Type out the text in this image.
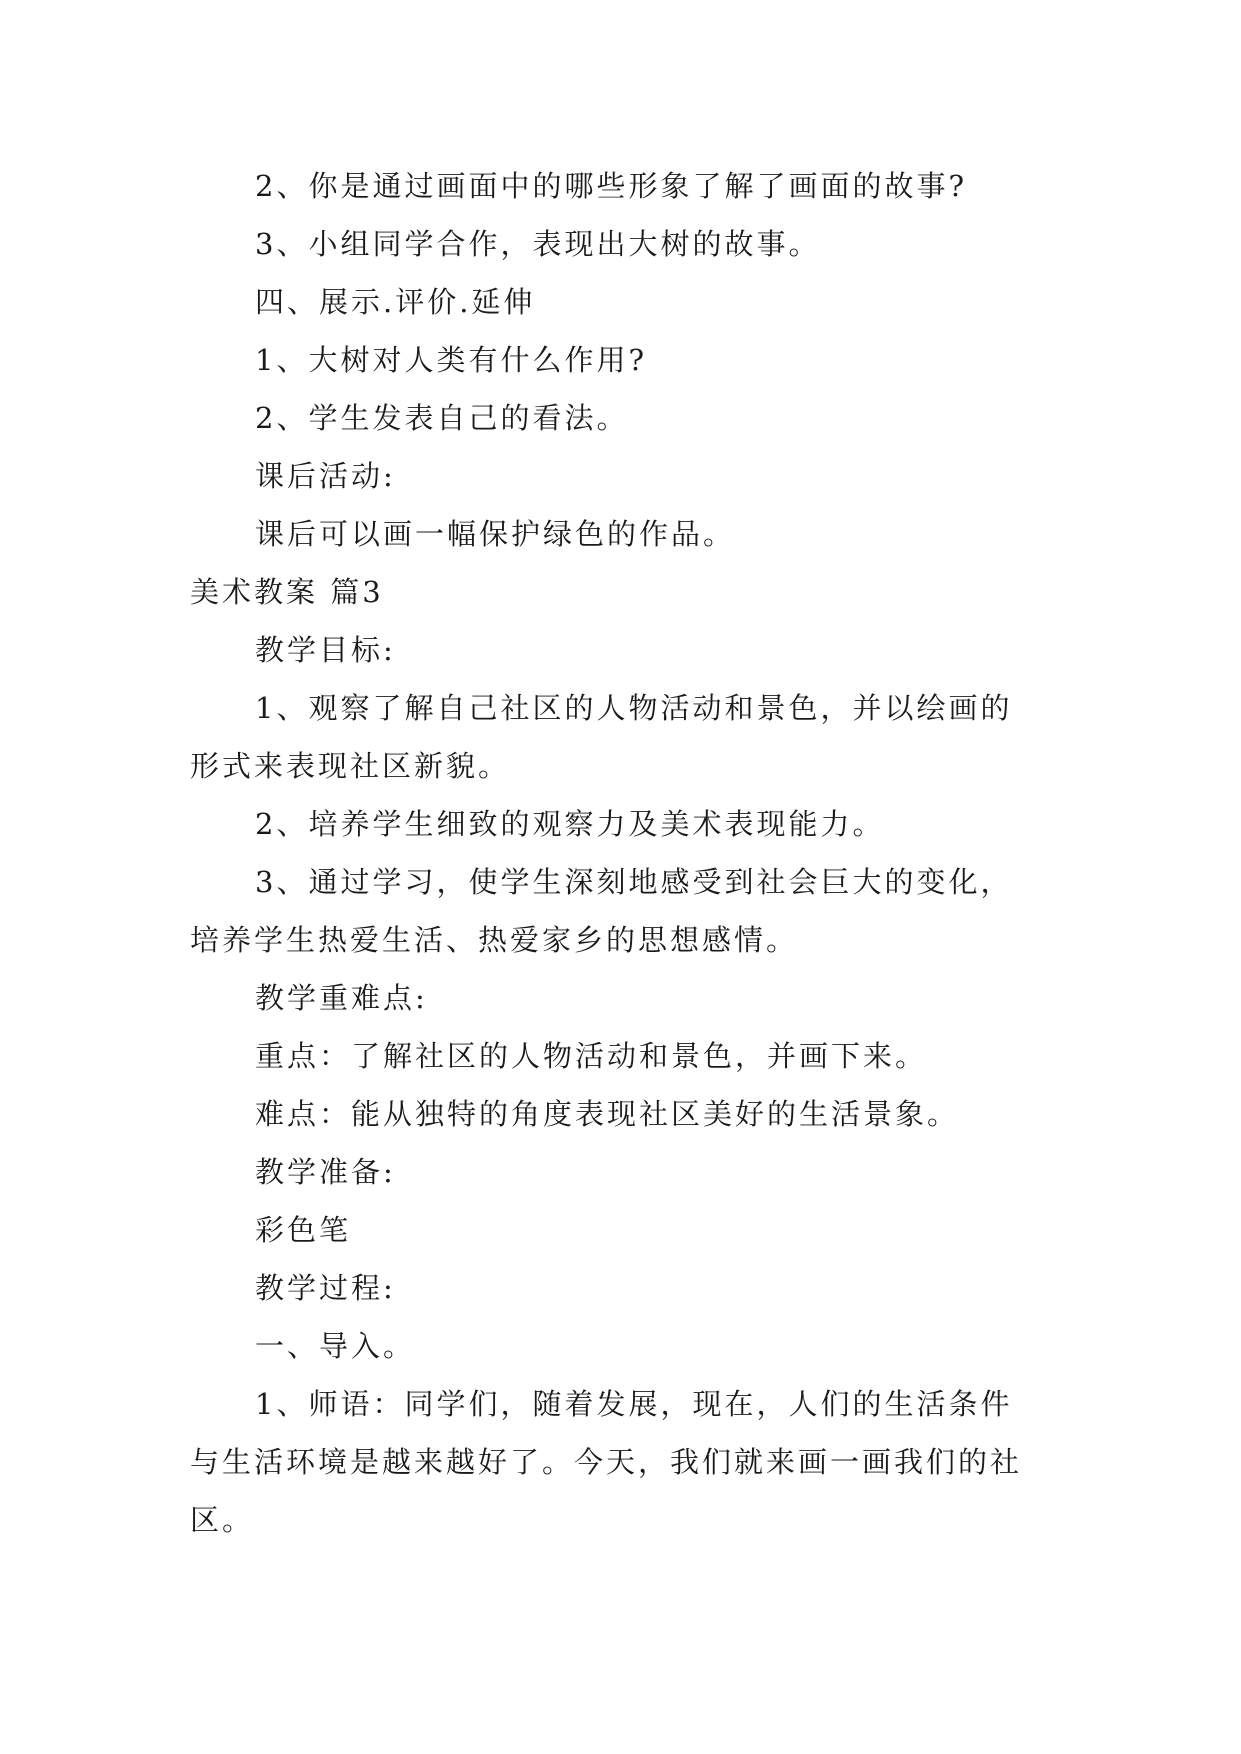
2、你是通过画面中的哪些形象了解了画面的故事?
3、小组同学合作，表现出大树的故事。
四、展示.评价.延伸
1、大树对人类有什么作用?
2、学生发表自己的看法。
课后活动:
课后可以画一幅保护绿色的作品。
美术教案 篇3
教学目标:
1、观察了解自己社区的人物活动和景色，并以绘画的
形式来表现社区新貌。
2、培养学生细致的观察力及美术表现能力。
3、通过学习，使学生深刻地感受到社会巨大的变化，
培养学生热爱生活、热爱家乡的思想感情。
教学重难点:
重点：了解社区的人物活动和景色，并画下来。
难点：能从独特的角度表现社区美好的生活景象。
教学准备:
彩色笔
教学过程:
一、导入。
1、师语：同学们，随着发展，现在，人们的生活条件
与生活环境是越来越好了。今天，我们就来画一画我们的社
区。
